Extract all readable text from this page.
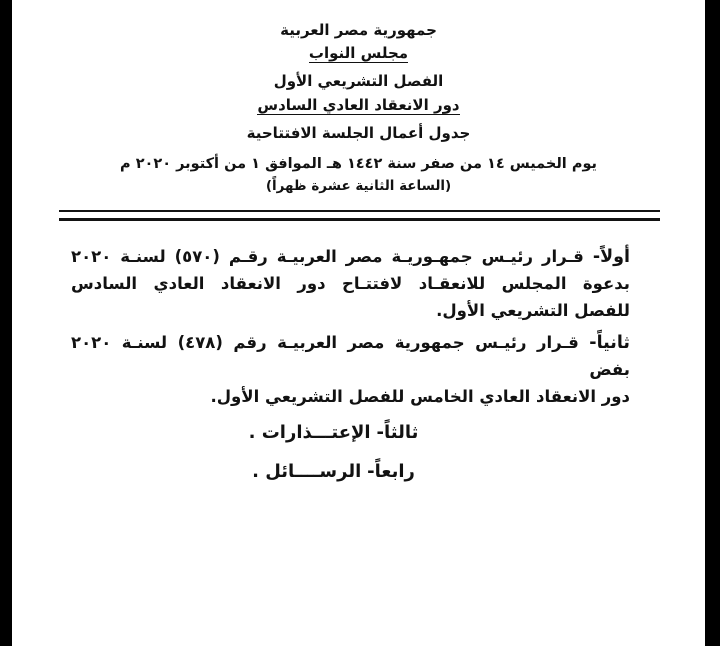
جمهورية مصر العربية
مجلس النواب
الفصل التشريعي الأول
دور الانعقاد العادي السادس
جدول أعمال الجلسة الافتتاحية
يوم الخميس ١٤ من صفر سنة ١٤٤٢ هـ الموافق ١ من أكتوبر ٢٠٢٠ م
(الساعة الثانية عشرة ظهراً)

أولاً- قـرار رئيـس جمهـوريـة مصر العربيـة رقـم (٥٧٠) لسنـة ٢٠٢٠

بدعوة المجلس للانعقـاد لافتتـاح دور الانعقاد العادي السادس

للفصل التشريعي الأول.

ثانياً- قـرار رئيـس جمهورية مصر العربيـة رقم (٤٧٨) لسنـة ٢٠٢٠ بفض

دور الانعقاد العادي الخامس للفصل التشريعي الأول.

ثالثاً- الإعتـــذارات .

رابعاً- الرســــائل .
